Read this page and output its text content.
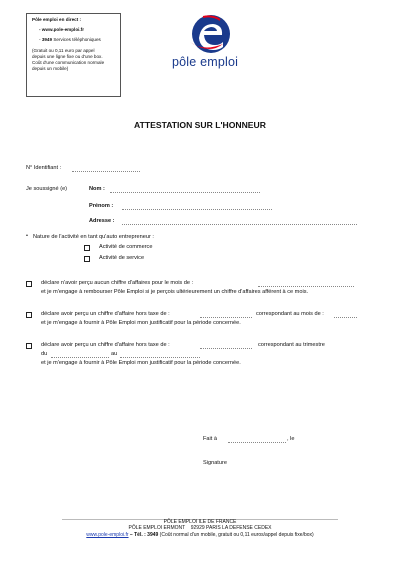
Pôle emploi en direct :
- www.pole-emploi.fr
- 3949 Services téléphoniques
(Gratuit ou 0,11 euro par appel
depuis une ligne fixe ou d'une box.
Coût d'une communication normale
depuis un mobile)	pôle emploi
ATTESTATION SUR L'HONNEUR
N° Identifiant :
Je soussigné (e)	Nom :
Prénom :
Adresse :
• Nature de l'activité en tant qu'auto entrepreneur :
Activité de commerce
Activité de service
déclare n'avoir perçu aucun chiffre d'affaires pour le mois de :
et je m'engage à rembourser Pôle Emploi si je perçois ultérieurement un chiffre d'affaires afférent à ce mois.
déclare avoir perçu un chiffre d'affaire hors taxe de :	correspondant au mois de :
et je m'engage à fournir à Pôle Emploi mon justificatif pour la période concernée.
déclare avoir perçu un chiffre d'affaire hors taxe de :	correspondant au trimestre
du	au
et je m'engage à fournir à Pôle Emploi mon justificatif pour la période concernée.
Fait à	, le
Signature
PÔLE EMPLOI ILE DE FRANCE
PÔLE EMPLOI ERMONT 92929 PARIS LA DEFENSE CEDEX
www.pole-emploi.fr – Tél. : 3949 (Coût normal d'un mobile, gratuit ou 0,11 euros/appel depuis fixe/box)
